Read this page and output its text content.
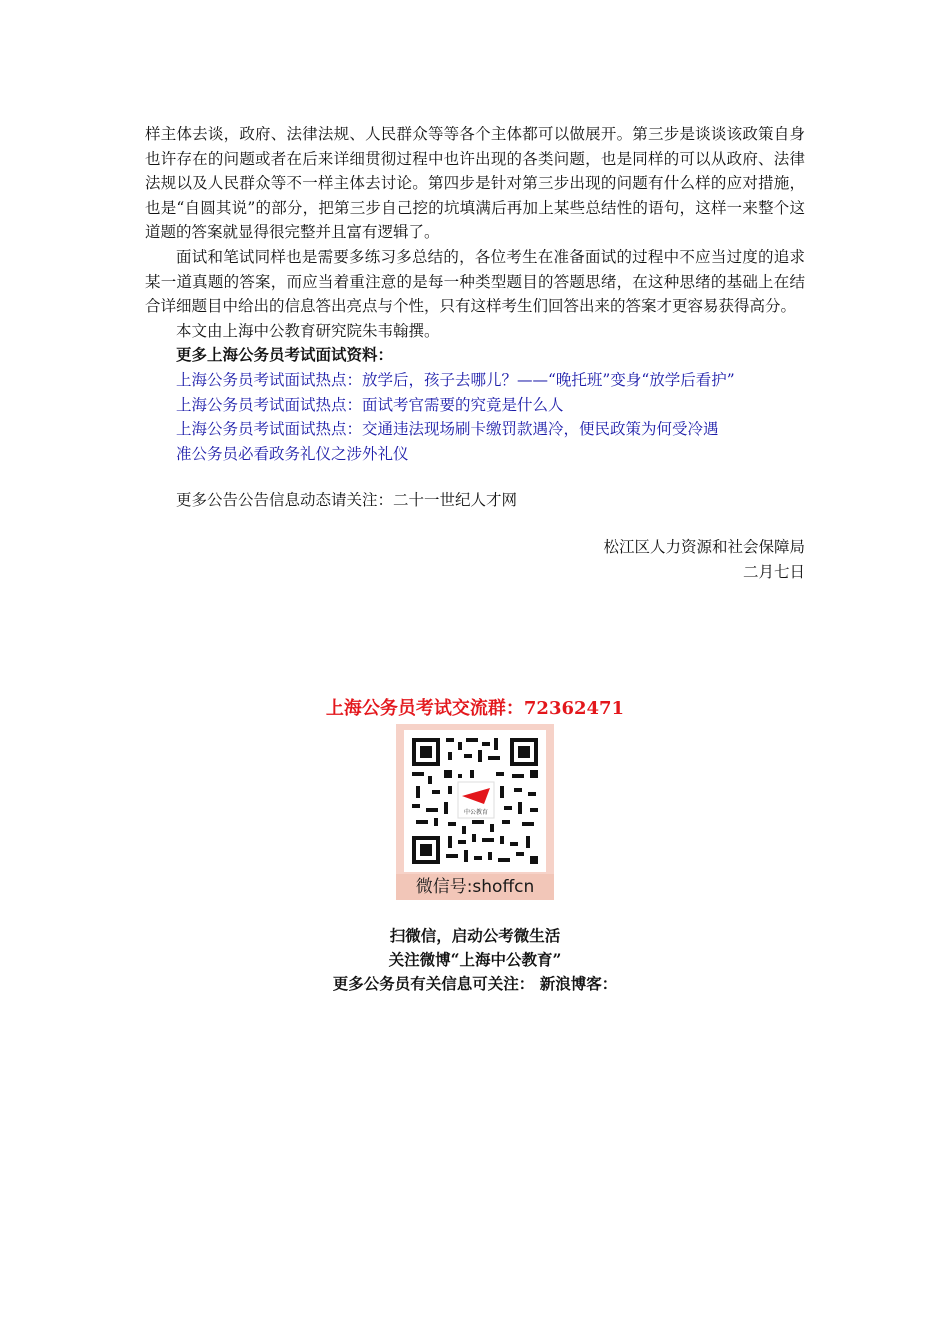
样主体去谈，政府、法律法规、人民群众等等各个主体都可以做展开。第三步是谈谈该政策自身也许存在的问题或者在后来详细贯彻过程中也许出现的各类问题，也是同样的可以从政府、法律法规以及人民群众等不一样主体去讨论。第四步是针对第三步出现的问题有什么样的应对措施，也是“自圆其说”的部分，把第三步自己挖的坑填满后再加上某些总结性的语句，这样一来整个这道题的答案就显得很完整并且富有逻辑了。

面试和笔试同样也是需要多练习多总结的，各位考生在准备面试的过程中不应当过度的追求某一道真题的答案，而应当着重注意的是每一种类型题目的答题思绪，在这种思绪的基础上在结合详细题目中给出的信息答出亮点与个性，只有这样考生们回答出来的答案才更容易获得高分。

本文由上海中公教育研究院朱韦翰撰。

更多上海公务员考试面试资料：

上海公务员考试面试热点：放学后，孩子去哪儿？——“晚托班”变身“放学后看护”
上海公务员考试面试热点：面试考官需要的究竟是什么人
上海公务员考试面试热点：交通违法现场刷卡缴罚款遇冷，便民政策为何受冷遇
准公务员必看政务礼仪之涉外礼仪

更多公告公告信息动态请关注：二十一世纪人才网

松江区人力资源和社会保障局

二月七日

上海公务员考试交流群：72362471
中公教育
微信号:shoffcn
扫微信，启动公考微生活
关注微博“上海中公教育”
更多公务员有关信息可关注： 新浪博客：
